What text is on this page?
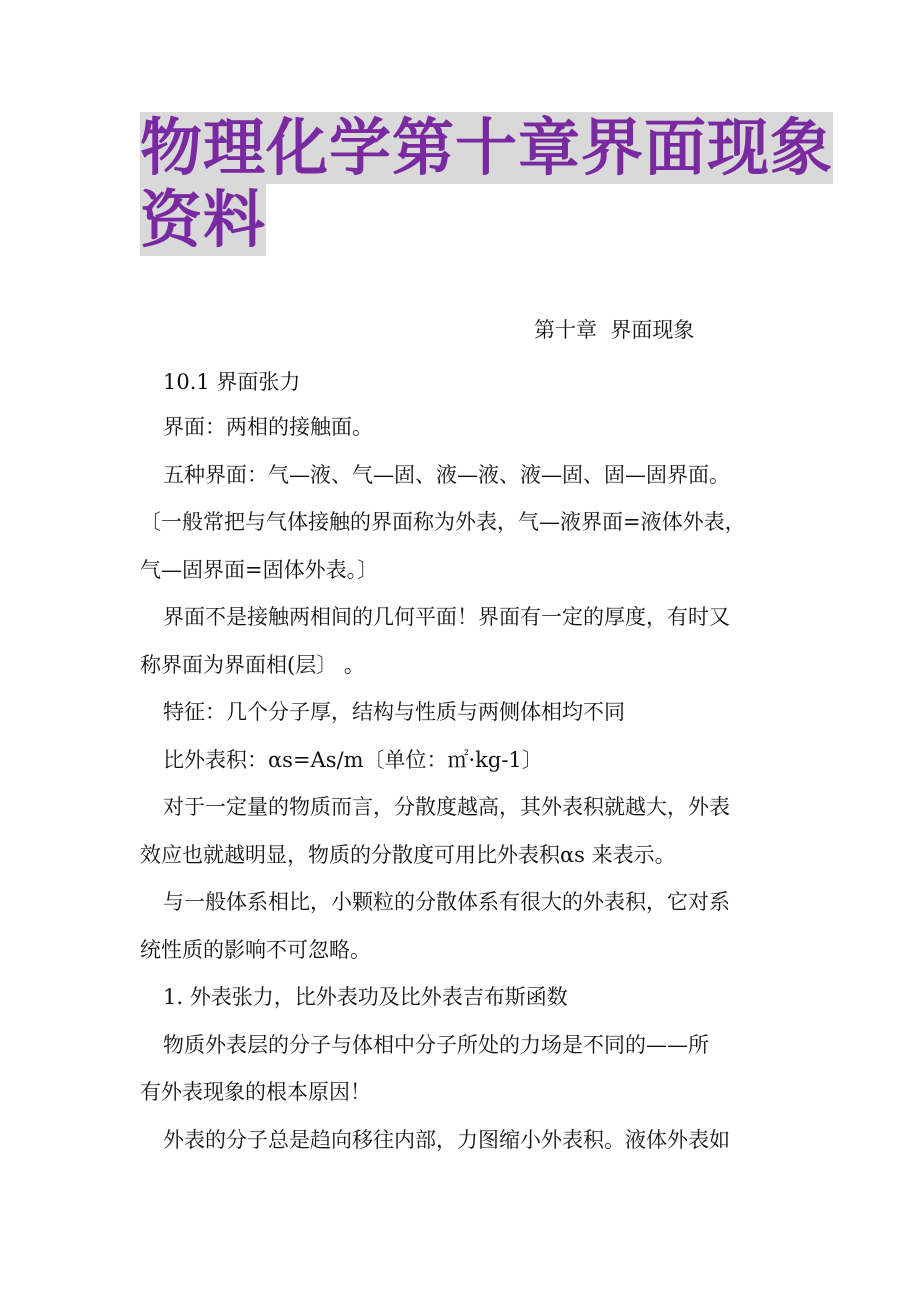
物理化学第十章界面现象
资料
第十章  界面现象
10.1 界面张力
界面：两相的接触面。
五种界面：气—液、气—固、液—液、液—固、固—固界面。
〔一般常把与气体接触的界面称为外表，气—液界面=液体外表，
气—固界面=固体外表。〕
界面不是接触两相间的几何平面！界面有一定的厚度，有时又
称界面为界面相(层〕 。
特征：几个分子厚，结构与性质与两侧体相均不同
比外表积：αs=As/m〔单位：㎡·kg-1〕
对于一定量的物质而言，分散度越高，其外表积就越大，外表
效应也就越明显，物质的分散度可用比外表积αs 来表示。
与一般体系相比，小颗粒的分散体系有很大的外表积，它对系
统性质的影响不可忽略。
1. 外表张力，比外表功及比外表吉布斯函数
物质外表层的分子与体相中分子所处的力场是不同的——所
有外表现象的根本原因！
外表的分子总是趋向移往内部，力图缩小外表积。液体外表如
